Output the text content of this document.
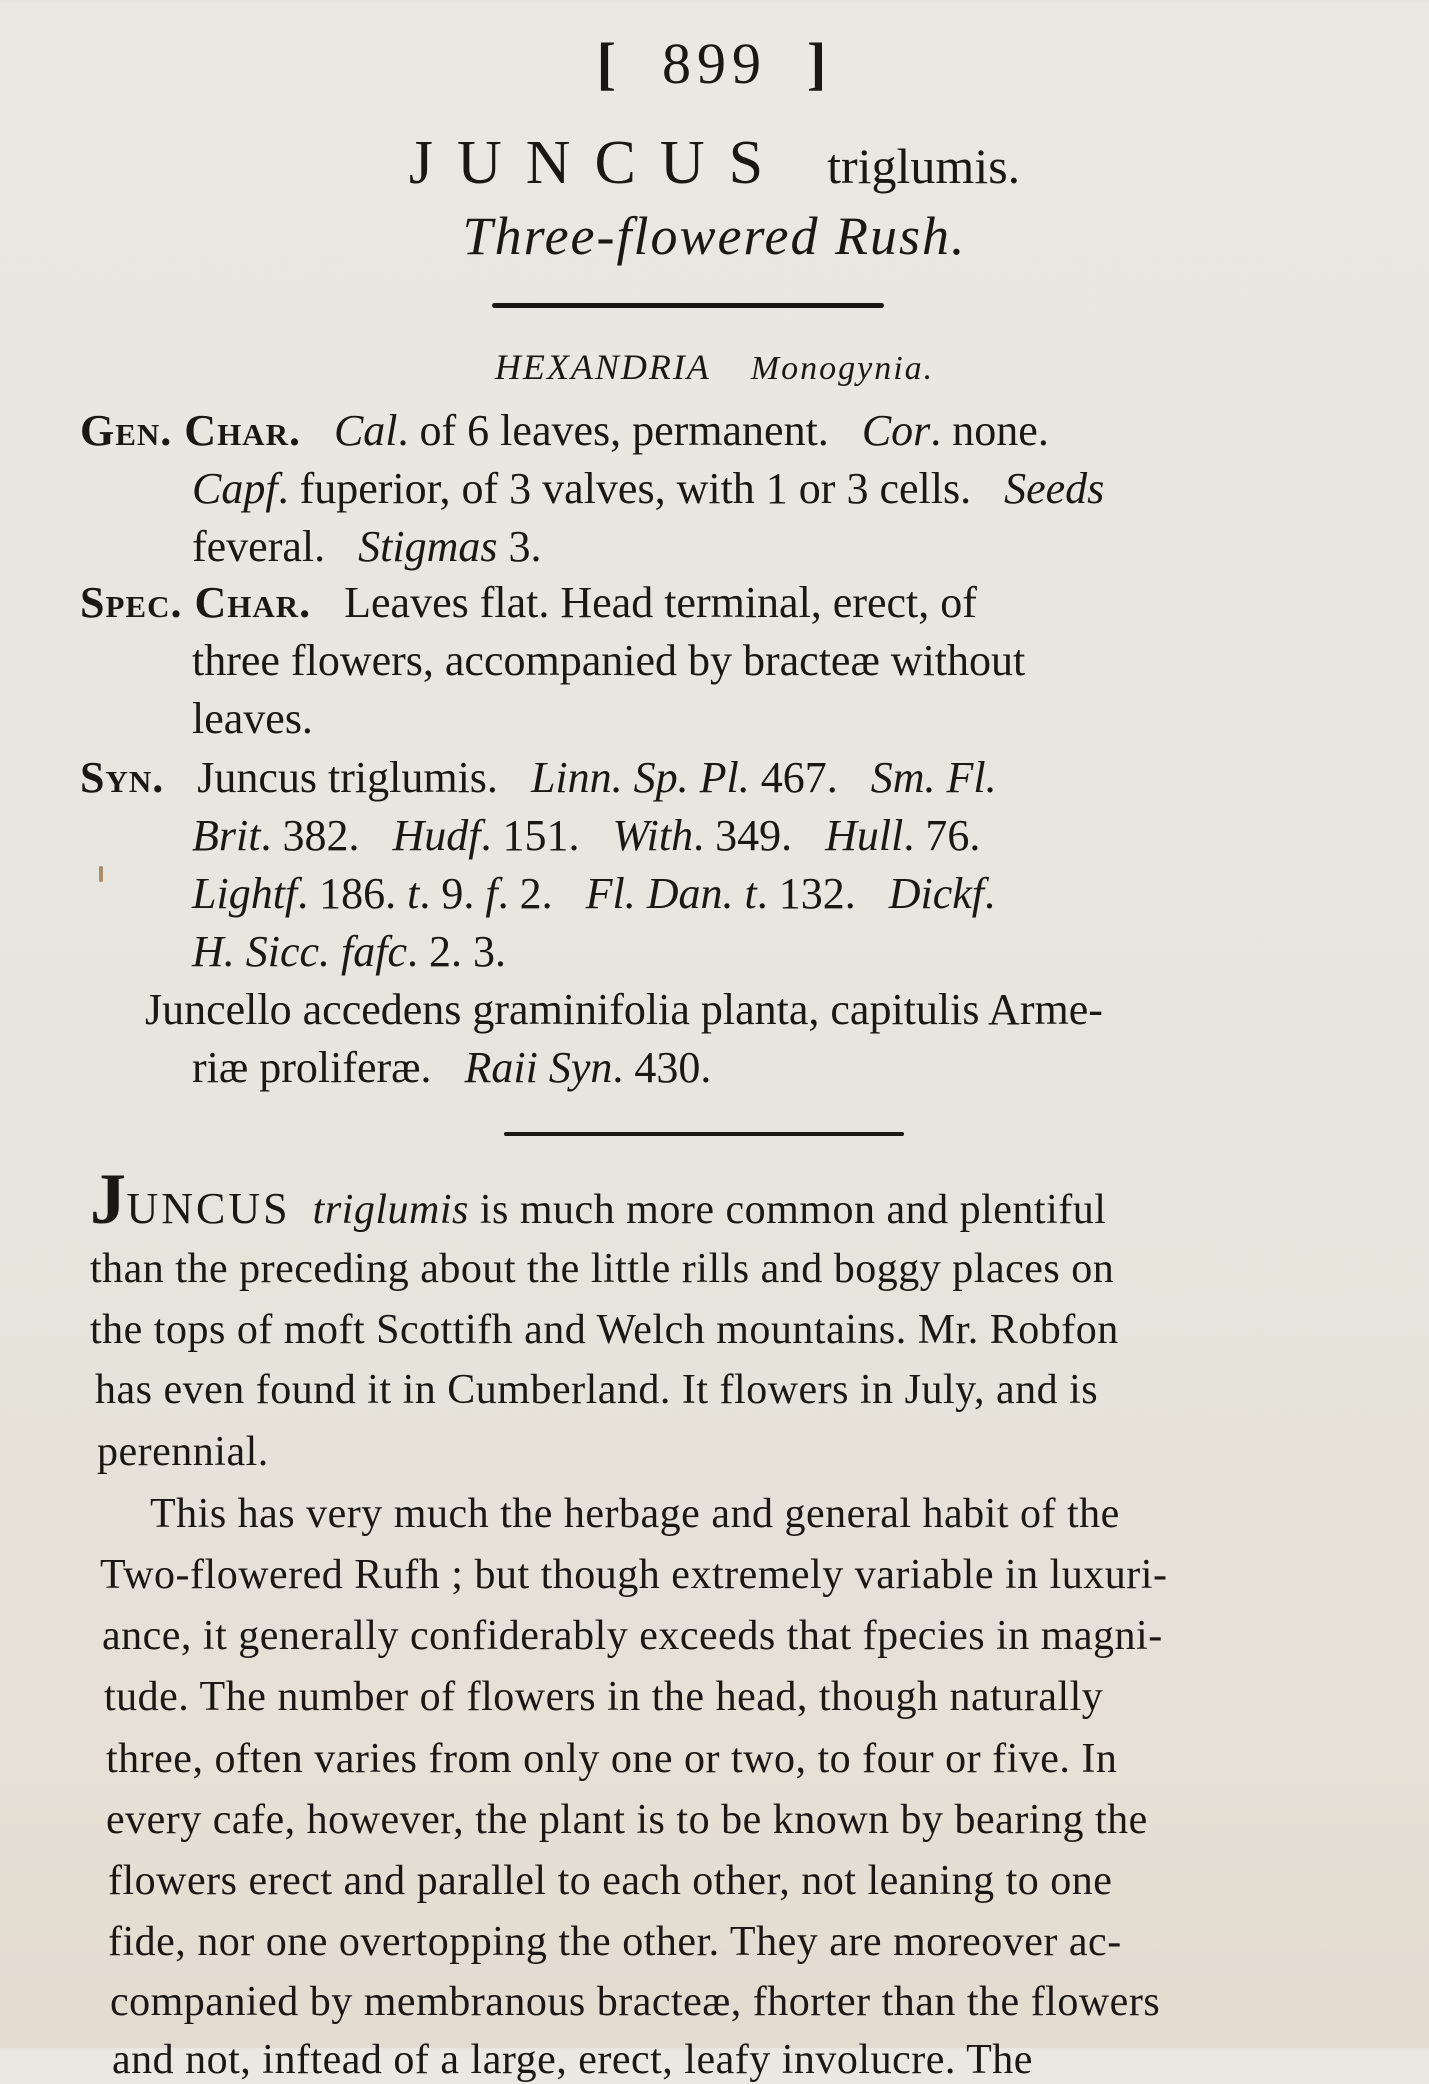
[ 899 ]
JUNCUS triglumis.
Three-flowered Rush.
HEXANDRIA Monogynia.
Gen. Char. Cal. of 6 leaves, permanent.   Cor. none.
Capf. fuperior, of 3 valves, with 1 or 3 cells.   Seeds
feveral.   Stigmas 3.
Spec. Char. Leaves flat. Head terminal, erect, of
three flowers, accompanied by bracteæ without
leaves.
Syn. Juncus triglumis.   Linn. Sp. Pl. 467.   Sm. Fl.
Brit. 382.   Hudf. 151.   With. 349.   Hull. 76.
Lightf. 186. t. 9. f. 2.   Fl. Dan. t. 132.   Dickf.
H. Sicc. fafc. 2. 3.
Juncello accedens graminifolia planta, capitulis Arme-
riæ proliferæ.   Raii Syn. 430.
JUNCUS triglumis is much more common and plentiful
than the preceding about the little rills and boggy places on
the tops of moft Scottifh and Welch mountains. Mr. Robfon
has even found it in Cumberland. It flowers in July, and is
perennial.
This has very much the herbage and general habit of the
Two-flowered Rufh ; but though extremely variable in luxuri-
ance, it generally confiderably exceeds that fpecies in magni-
tude. The number of flowers in the head, though naturally
three, often varies from only one or two, to four or five. In
every cafe, however, the plant is to be known by bearing the
flowers erect and parallel to each other, not leaning to one
fide, nor one overtopping the other. They are moreover ac-
companied by membranous bracteæ, fhorter than the flowers
and not, inftead of a large, erect, leafy involucre. The
